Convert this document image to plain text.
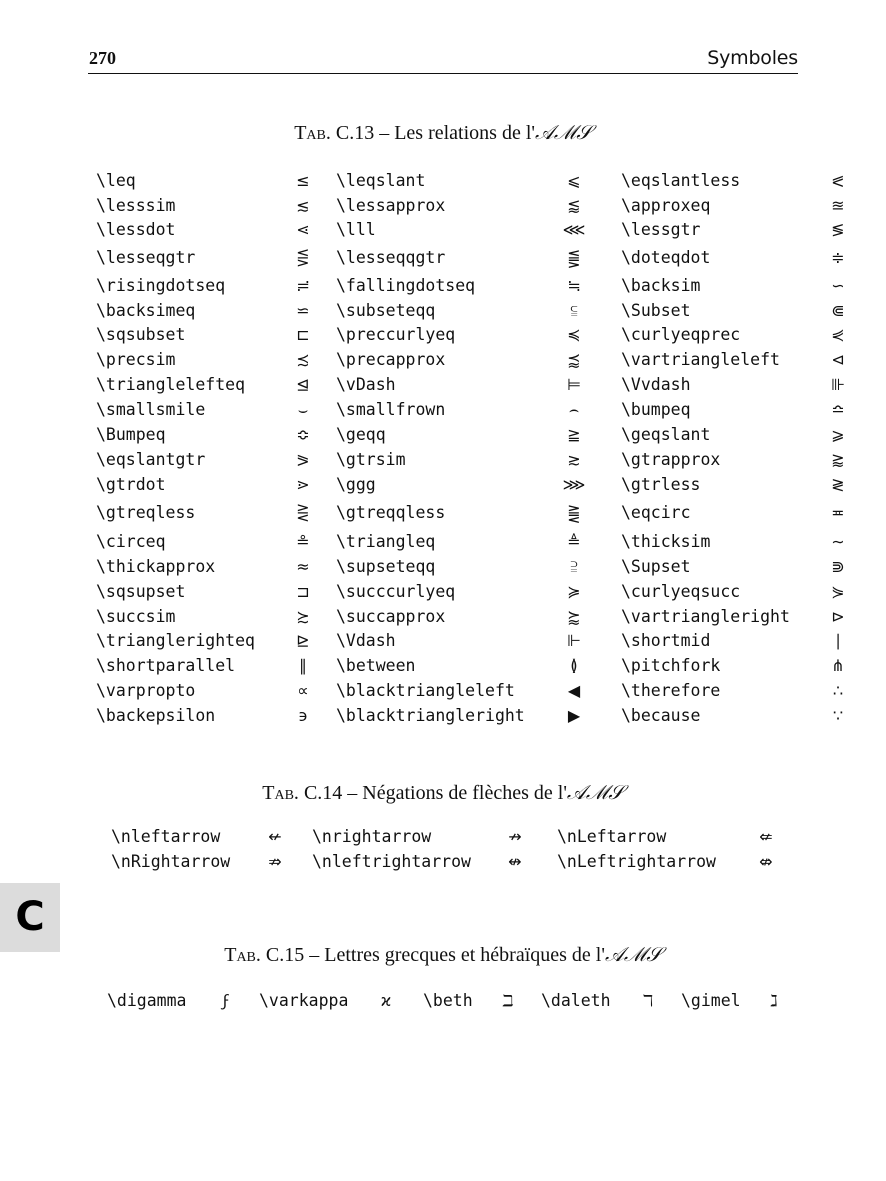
270	Symboles
Tab. C.13 – Les relations de l'𝒜ℳ𝒮
\leq	≤ \leqslant	⩽ \eqslantless	⪕
\lesssim	≲ \lessapprox	⪅ \approxeq	≊
\lessdot	⋖ \lll	⋘ \lessgtr	≶
\lesseqgtr	⋚ \lesseqqgtr	⪋ \doteqdot	≑
\risingdotseq	≓ \fallingdotseq	≒ \backsim	∽
\backsimeq	⋍ \subseteqq	⫅	\Subset	⋐
\sqsubset	⊏ \preccurlyeq	≼ \curlyeqprec	⋞
\precsim	≾ \precapprox	⪷ \vartriangleleft	⊲
\trianglelefteq	⊴ \vDash	⊨ \Vvdash	⊪
\smallsmile	⌣ \smallfrown	⌢	\bumpeq	≏
\Bumpeq	≎ \geqq	≧ \geqslant	⩾
\eqslantgtr	⪖ \gtrsim	≳ \gtrapprox	⪆
\gtrdot	⋗ \ggg	⋙ \gtrless	≷
\gtreqless	⋛ \gtreqqless	⪌ \eqcirc	≖
\circeq	≗ \triangleq	≜ \thicksim	∼
\thickapprox	≈ \supseteqq	⫆	\Supset	⋑
\sqsupset	⊐ \succcurlyeq	≽ \curlyeqsucc	⋟
\succsim	≿ \succapprox	⪸ \vartriangleright	⊳
\trianglerighteq	⊵ \Vdash	⊩ \shortmid	∣
\shortparallel	∥ \between	≬	\pitchfork	⋔
\varpropto	∝ \blacktriangleleft	◀ \therefore	∴
\backepsilon	϶ \blacktriangleright	▶ \because	∵
Tab. C.14 – Négations de flèches de l'𝒜ℳ𝒮
\nleftarrow	↚ \nrightarrow	↛ \nLeftarrow	⇍
\nRightarrow ⇏ \nleftrightarrow ↮ \nLeftrightarrow	⇎
C
Tab. C.15 – Lettres grecques et hébraïques de l'𝒜ℳ𝒮
\digamma ϝ \varkappa ϰ \beth ℶ \daleth ℸ \gimel ℷ
